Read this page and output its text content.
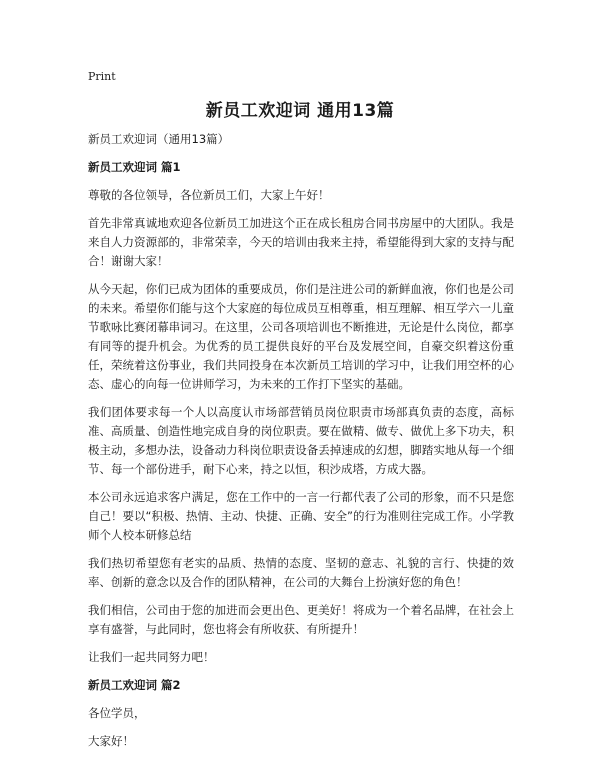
Print
新员工欢迎词 通用13篇

新员工欢迎词（通用13篇）

新员工欢迎词 篇1

尊敬的各位领导，各位新员工们，大家上午好！

首先非常真诚地欢迎各位新员工加进这个正在成长租房合同书房屋中的大团队。我是来自人力资源部的，非常荣幸，今天的培训由我来主持，希望能得到大家的支持与配合！谢谢大家！

从今天起，你们已成为团体的重要成员，你们是注进公司的新鲜血液，你们也是公司的未来。希望你们能与这个大家庭的每位成员互相尊重，相互理解、相互学六一儿童节歌咏比赛闭幕串词习。在这里，公司各项培训也不断推进，无论是什么岗位，都享有同等的提升机会。为优秀的员工提供良好的平台及发展空间，自豪交织着这份重任，荣统着这份事业，我们共同投身在本次新员工培训的学习中，让我们用空杯的心态、虚心的向每一位讲师学习，为未来的工作打下坚实的基础。

我们团体要求每一个人以高度认市场部营销员岗位职责市场部真负责的态度，高标准、高质量、创造性地完成自身的岗位职责。要在做精、做专、做优上多下功夫，积极主动，多想办法，设备动力科岗位职责设备丢掉速成的幻想，脚踏实地从每一个细节、每一个部份进手，耐下心来，持之以恒，积沙成塔，方成大器。

本公司永远追求客户满足，您在工作中的一言一行都代表了公司的形象，而不只是您自己！要以“积极、热情、主动、快捷、正确、安全”的行为准则往完成工作。小学教师个人校本研修总结

我们热切希望您有老实的品质、热情的态度、坚韧的意志、礼貌的言行、快捷的效率、创新的意念以及合作的团队精神，在公司的大舞台上扮演好您的角色！

我们相信，公司由于您的加进而会更出色、更美好！将成为一个着名品牌，在社会上享有盛誉，与此同时，您也将会有所收获、有所提升！

让我们一起共同努力吧！

新员工欢迎词 篇2

各位学员，

大家好！
